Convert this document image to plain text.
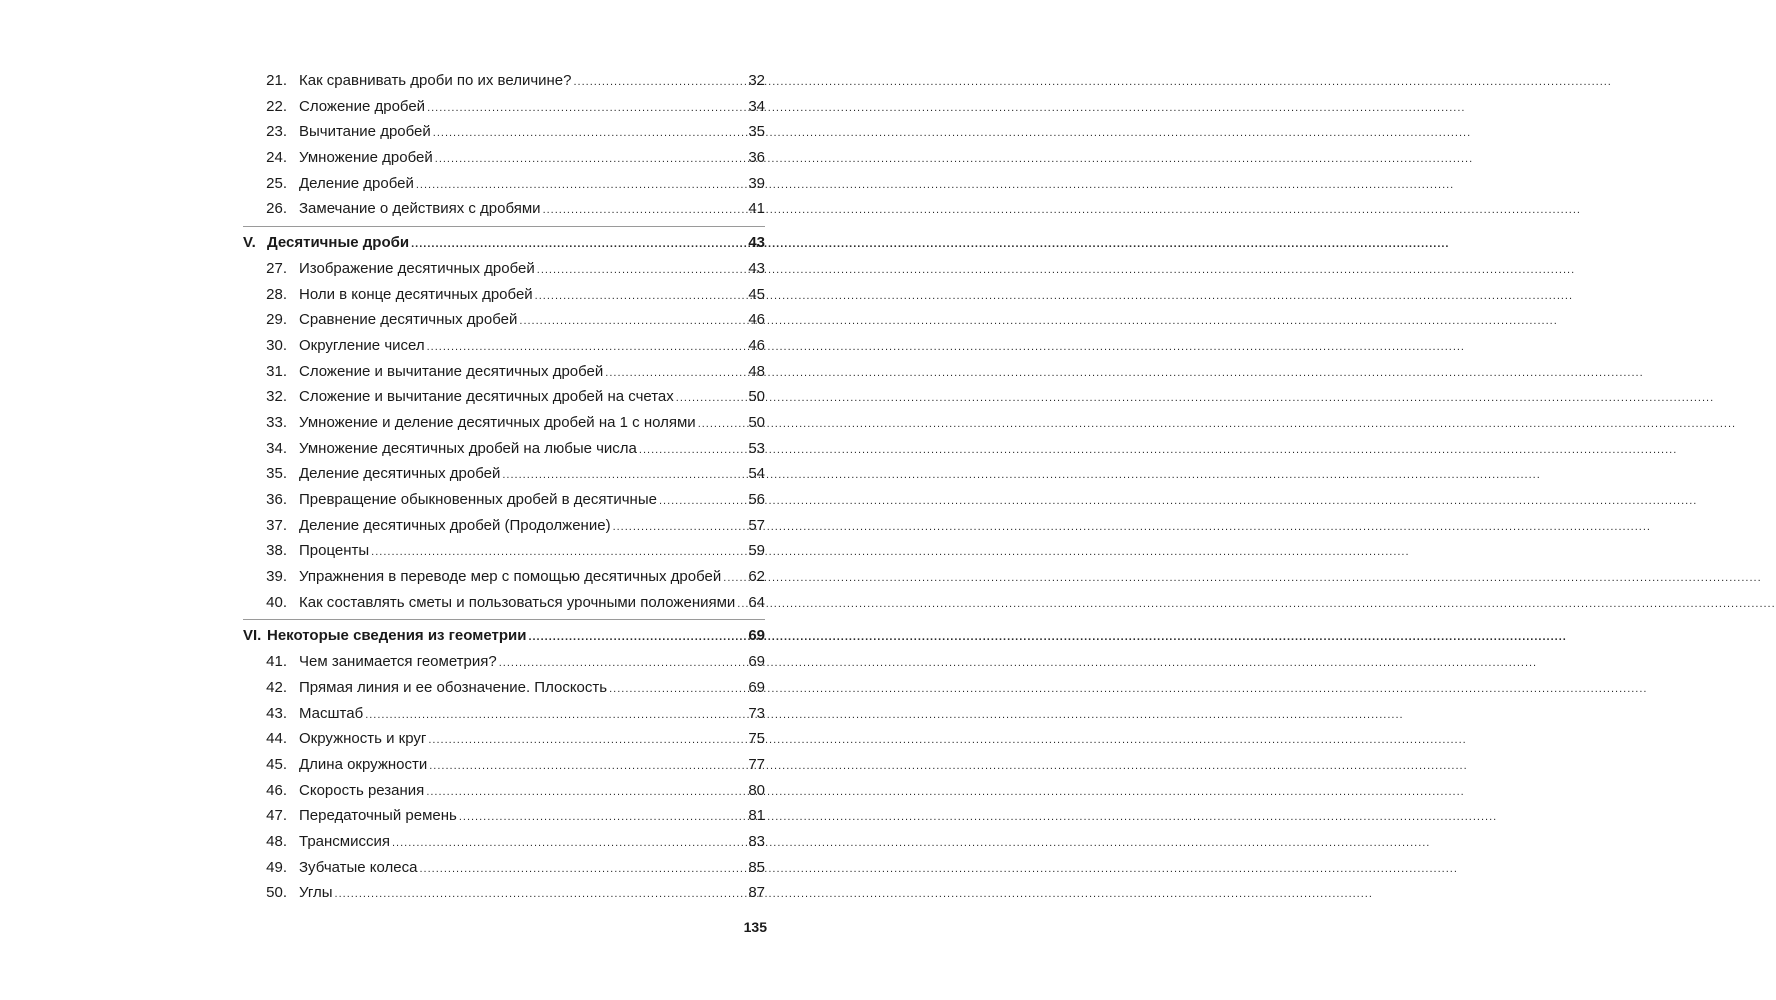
21. Как сравнивать дроби по их величине? .....	32
22. Сложение дробей .....	34
23. Вычитание дробей .....	35
24. Умножение дробей .....	36
25. Деление дробей .....	39
26. Замечание о действиях с дробями .....	41
V. Десятичные дроби .....	43
27. Изображение десятичных дробей .....	43
28. Ноли в конце десятичных дробей .....	45
29. Сравнение десятичных дробей .....	46
30. Округление чисел .....	46
31. Сложение и вычитание десятичных дробей .....	48
32. Сложение и вычитание десятичных дробей на счетах .....	50
33. Умножение и деление десятичных дробей на 1 с нолями .....	50
34. Умножение десятичных дробей на любые числа .....	53
35. Деление десятичных дробей .....	54
36. Превращение обыкновенных дробей в десятичные .....	56
37. Деление десятичных дробей (Продолжение) .....	57
38. Проценты .....	59
39. Упражнения в переводе мер с помощью десятичных дробей ..... 62
40. Как составлять сметы и пользоваться урочными положениями ..... 64
VI. Некоторые сведения из геометрии .....	69
41. Чем занимается геометрия? .....	69
42. Прямая линия и ее обозначение. Плоскость .....	69
43. Масштаб .....	73
44. Окружность и круг .....	75
45. Длина окружности .....	77
46. Скорость резания .....	80
47. Передаточный ремень .....	81
48. Трансмиссия .....	83
49. Зубчатые колеса .....	85
50. Углы .....	87
135
